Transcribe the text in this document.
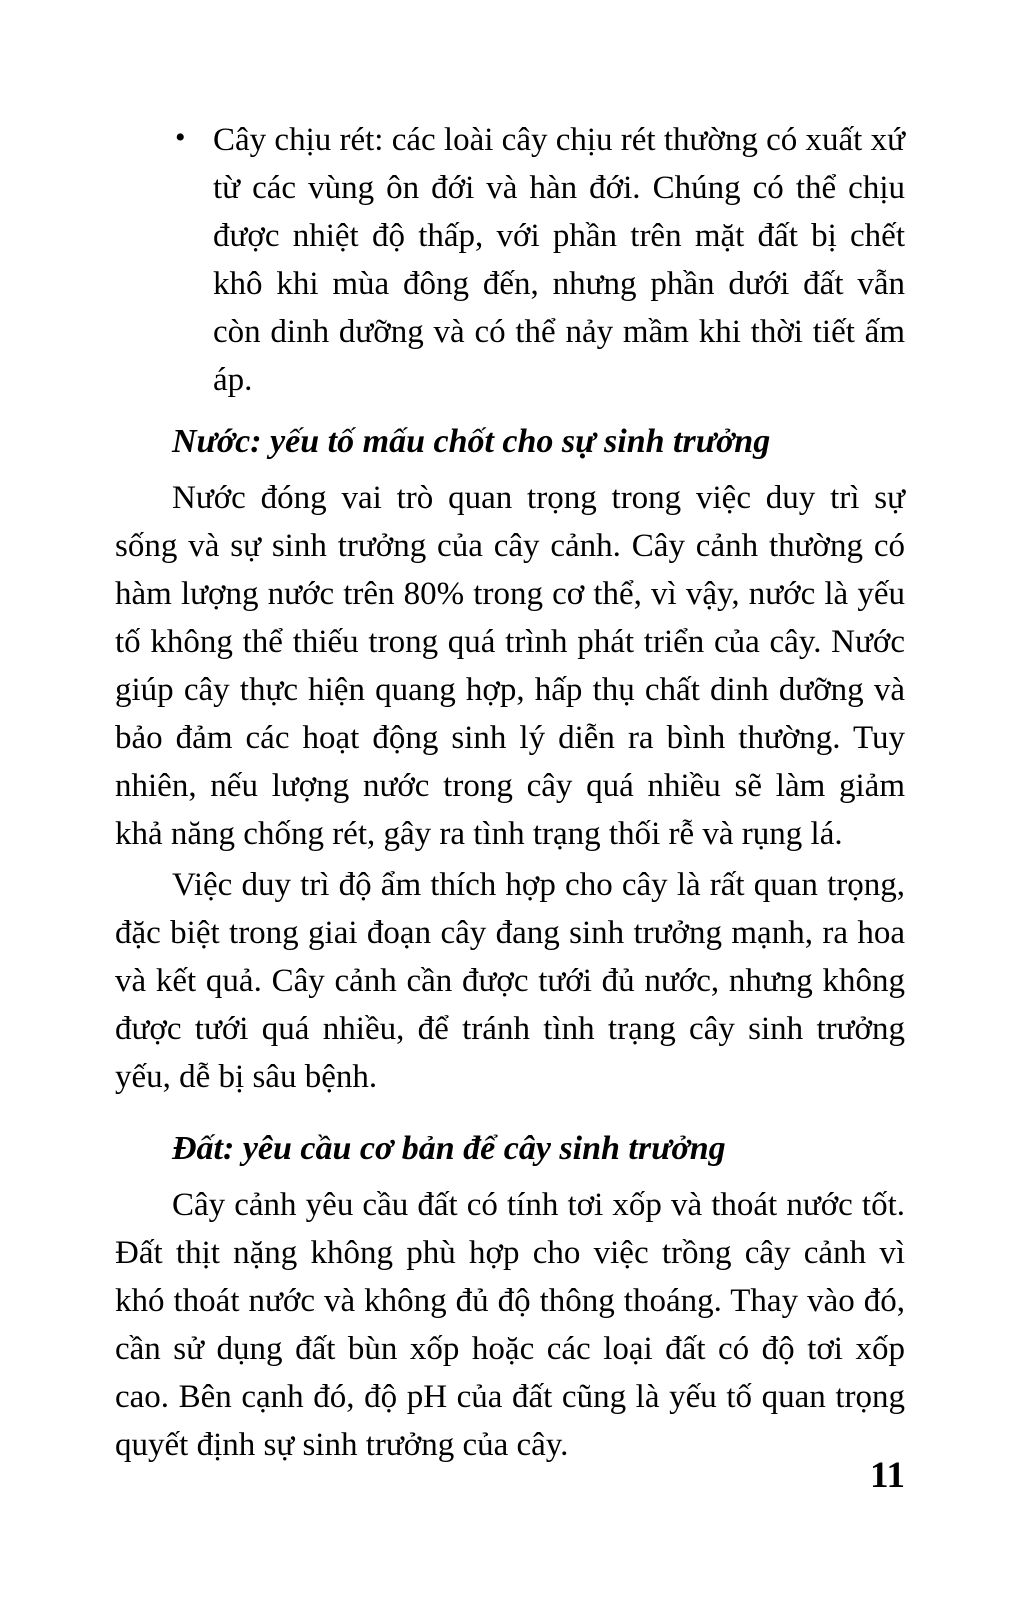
• Cây chịu rét: các loài cây chịu rét thường có xuất xứ từ các vùng ôn đới và hàn đới. Chúng có thể chịu được nhiệt độ thấp, với phần trên mặt đất bị chết khô khi mùa đông đến, nhưng phần dưới đất vẫn còn dinh dưỡng và có thể nảy mầm khi thời tiết ấm áp.

Nước: yếu tố mấu chốt cho sự sinh trưởng

Nước đóng vai trò quan trọng trong việc duy trì sự sống và sự sinh trưởng của cây cảnh. Cây cảnh thường có hàm lượng nước trên 80% trong cơ thể, vì vậy, nước là yếu tố không thể thiếu trong quá trình phát triển của cây. Nước giúp cây thực hiện quang hợp, hấp thụ chất dinh dưỡng và bảo đảm các hoạt động sinh lý diễn ra bình thường. Tuy nhiên, nếu lượng nước trong cây quá nhiều sẽ làm giảm khả năng chống rét, gây ra tình trạng thối rễ và rụng lá.

Việc duy trì độ ẩm thích hợp cho cây là rất quan trọng, đặc biệt trong giai đoạn cây đang sinh trưởng mạnh, ra hoa và kết quả. Cây cảnh cần được tưới đủ nước, nhưng không được tưới quá nhiều, để tránh tình trạng cây sinh trưởng yếu, dễ bị sâu bệnh.

Đất: yêu cầu cơ bản để cây sinh trưởng

Cây cảnh yêu cầu đất có tính tơi xốp và thoát nước tốt. Đất thịt nặng không phù hợp cho việc trồng cây cảnh vì khó thoát nước và không đủ độ thông thoáng. Thay vào đó, cần sử dụng đất bùn xốp hoặc các loại đất có độ tơi xốp cao. Bên cạnh đó, độ pH của đất cũng là yếu tố quan trọng quyết định sự sinh trưởng của cây.

11
